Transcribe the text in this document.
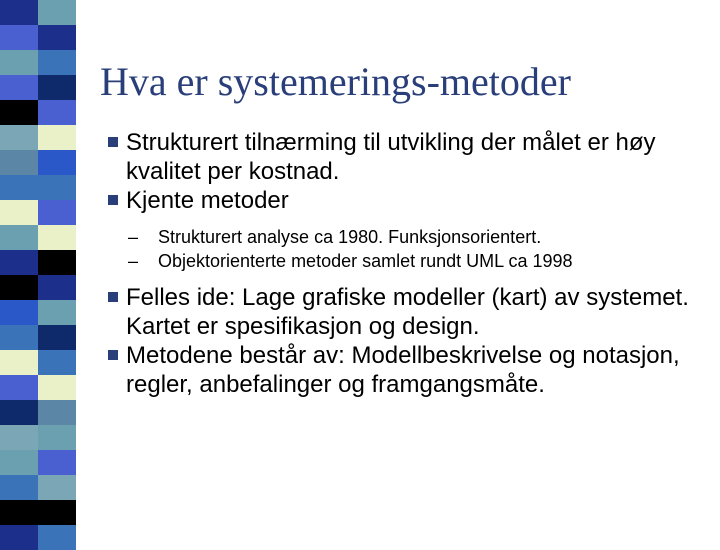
Hva er systemerings-metoder
Strukturert tilnærming til utvikling der målet er høy kvalitet per kostnad.
Kjente metoder
– Strukturert analyse ca 1980. Funksjonsorientert.
– Objektorienterte metoder samlet rundt UML ca 1998
Felles ide: Lage grafiske modeller (kart) av systemet. Kartet er spesifikasjon og design.
Metodene består av: Modellbeskrivelse og notasjon, regler, anbefalinger og framgangsmåte.
